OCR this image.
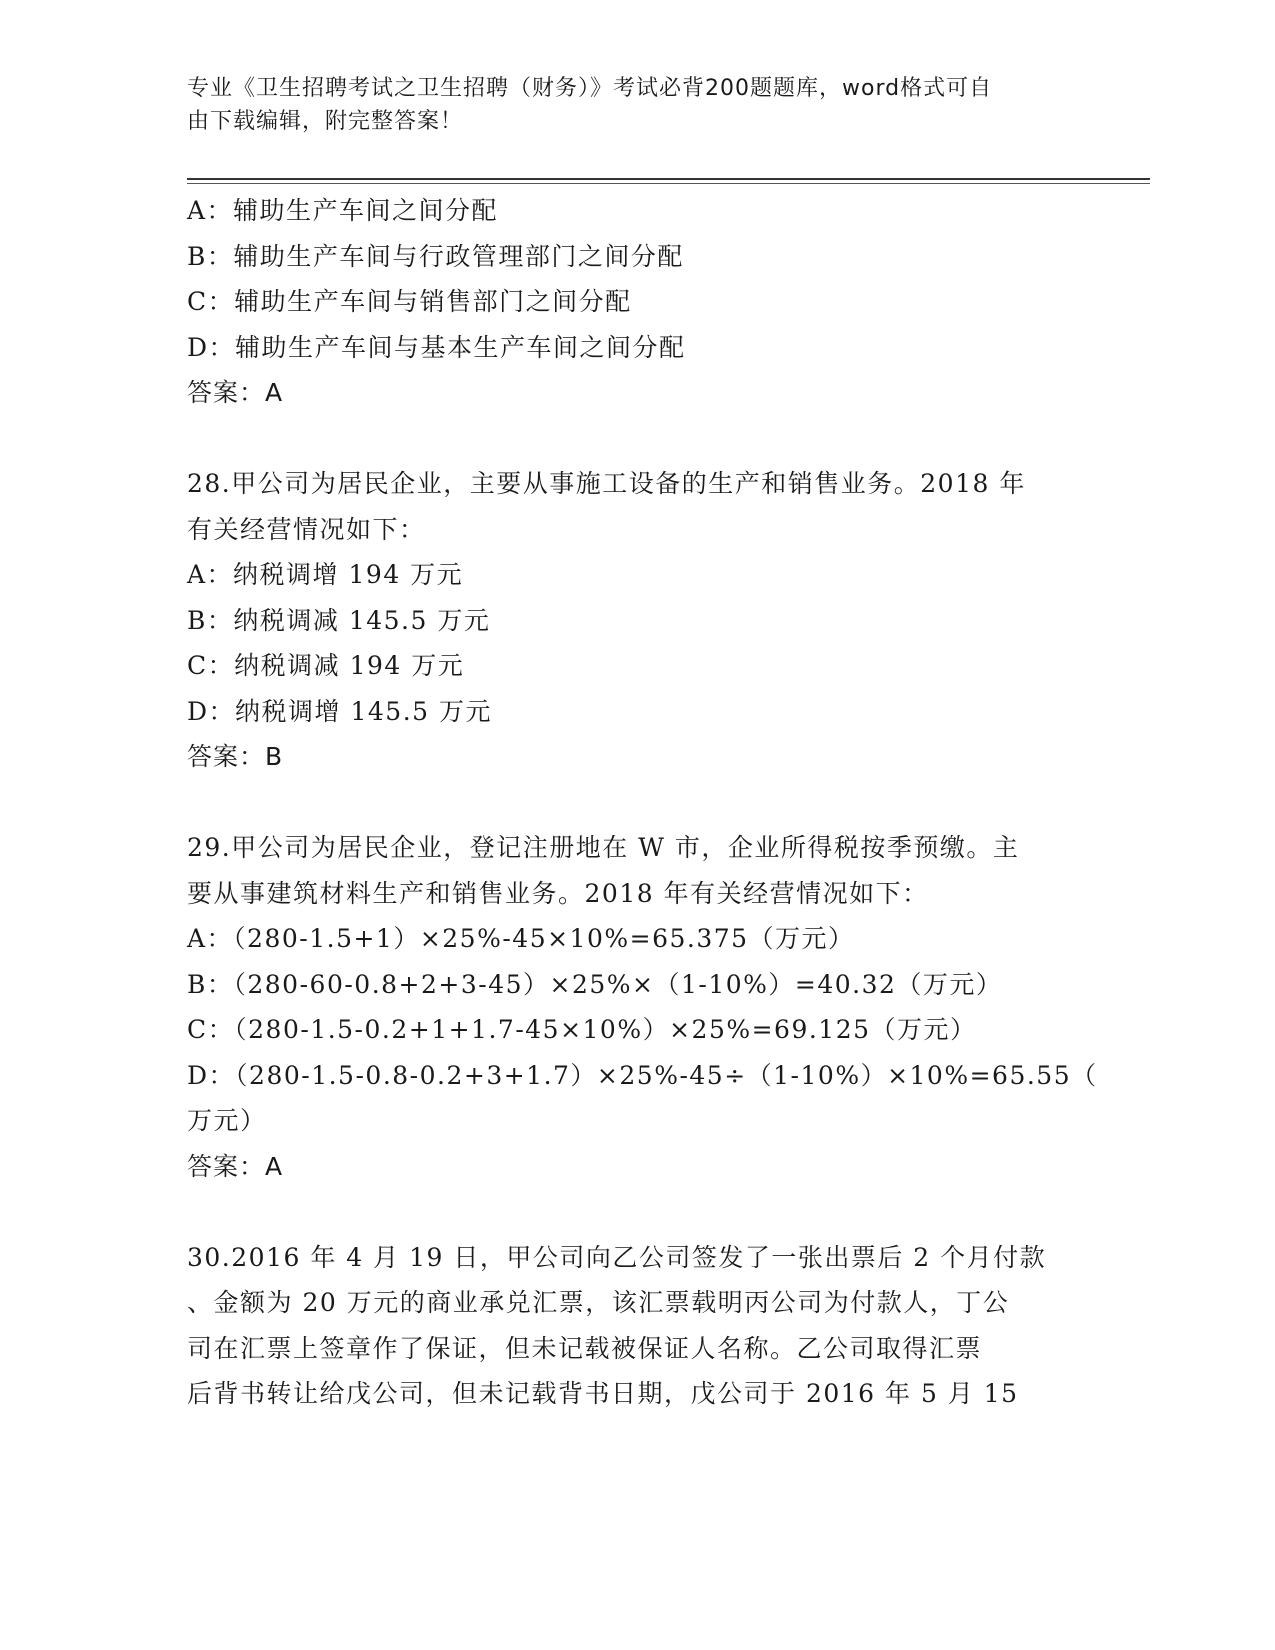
专业《卫生招聘考试之卫生招聘（财务）》考试必背200题题库，word格式可自
由下载编辑，附完整答案！
A：辅助生产车间之间分配
B：辅助生产车间与行政管理部门之间分配
C：辅助生产车间与销售部门之间分配
D：辅助生产车间与基本生产车间之间分配
答案：A
28.甲公司为居民企业，主要从事施工设备的生产和销售业务。2018 年
有关经营情况如下：
A：纳税调增 194 万元
B：纳税调减 145.5 万元
C：纳税调减 194 万元
D：纳税调增 145.5 万元
答案：B
29.甲公司为居民企业，登记注册地在 W 市，企业所得税按季预缴。主
要从事建筑材料生产和销售业务。2018 年有关经营情况如下：
A：（280-1.5+1）×25%-45×10%=65.375（万元）
B：（280-60-0.8+2+3-45）×25%×（1-10%）=40.32（万元）
C：（280-1.5-0.2+1+1.7-45×10%）×25%=69.125（万元）
D：（280-1.5-0.8-0.2+3+1.7）×25%-45÷（1-10%）×10%=65.55（
万元）
答案：A
30.2016 年 4 月 19 日，甲公司向乙公司签发了一张出票后 2 个月付款
、金额为 20 万元的商业承兑汇票，该汇票载明丙公司为付款人，丁公
司在汇票上签章作了保证，但未记载被保证人名称。乙公司取得汇票
后背书转让给戊公司，但未记载背书日期，戊公司于 2016 年 5 月 15
